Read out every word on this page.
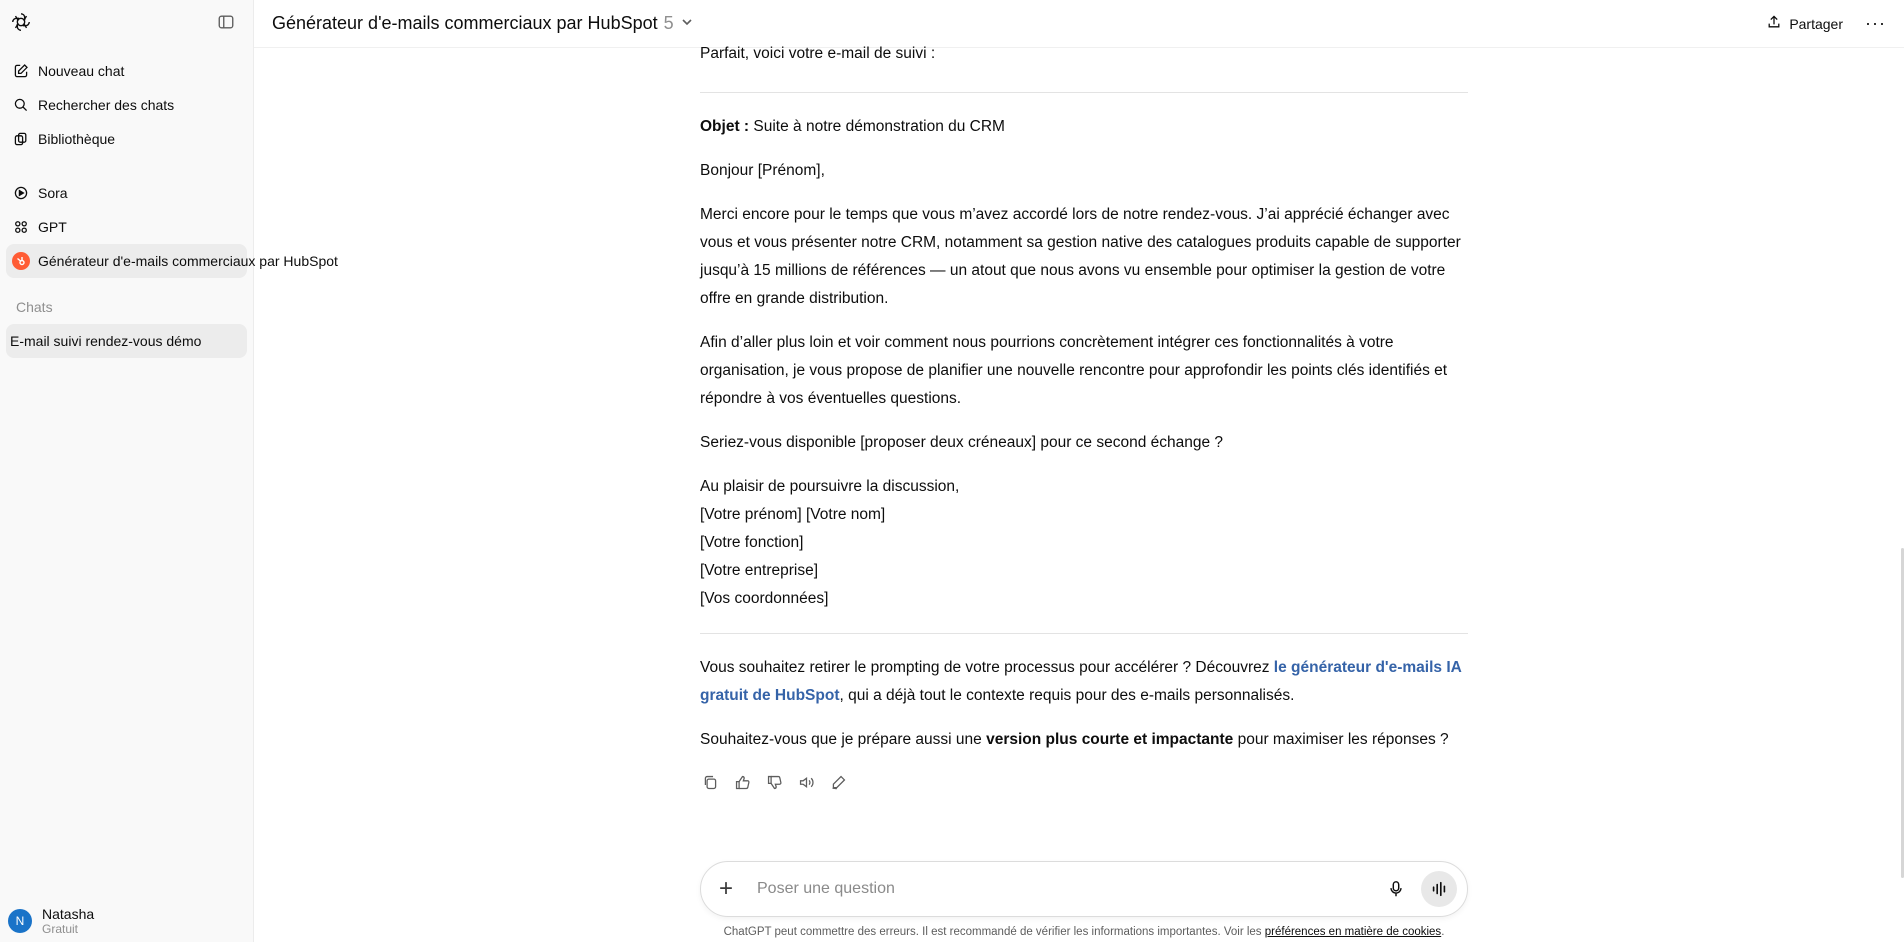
Nouveau chat
Rechercher des chats
Bibliothèque
Sora
GPT
Générateur d'e-mails commerciaux par HubSpot
Chats
E-mail suivi rendez-vous démo
N	Natasha
Gratuit
Générateur d'e-mails commerciaux par HubSpot 5	Partager ···

Parfait, voici votre e-mail de suivi :

Objet : Suite à notre démonstration du CRM

Bonjour [Prénom],

Merci encore pour le temps que vous m’avez accordé lors de notre rendez-vous. J’ai apprécié échanger avec vous et vous présenter notre CRM, notamment sa gestion native des catalogues produits capable de supporter jusqu’à 15 millions de références — un atout que nous avons vu ensemble pour optimiser la gestion de votre offre en grande distribution.

Afin d’aller plus loin et voir comment nous pourrions concrètement intégrer ces fonctionnalités à votre organisation, je vous propose de planifier une nouvelle rencontre pour approfondir les points clés identifiés et répondre à vos éventuelles questions.

Seriez-vous disponible [proposer deux créneaux] pour ce second échange ?

Au plaisir de poursuivre la discussion,

[Votre prénom] [Votre nom]

[Votre fonction]

[Votre entreprise]

[Vos coordonnées]

Vous souhaitez retirer le prompting de votre processus pour accélérer ? Découvrez le générateur d'e-mails IA gratuit de HubSpot, qui a déjà tout le contexte requis pour des e-mails personnalisés.

Souhaitez-vous que je prépare aussi une version plus courte et impactante pour maximiser les réponses ?

+
Poser une question
ChatGPT peut commettre des erreurs. Il est recommandé de vérifier les informations importantes. Voir les préférences en matière de cookies.
